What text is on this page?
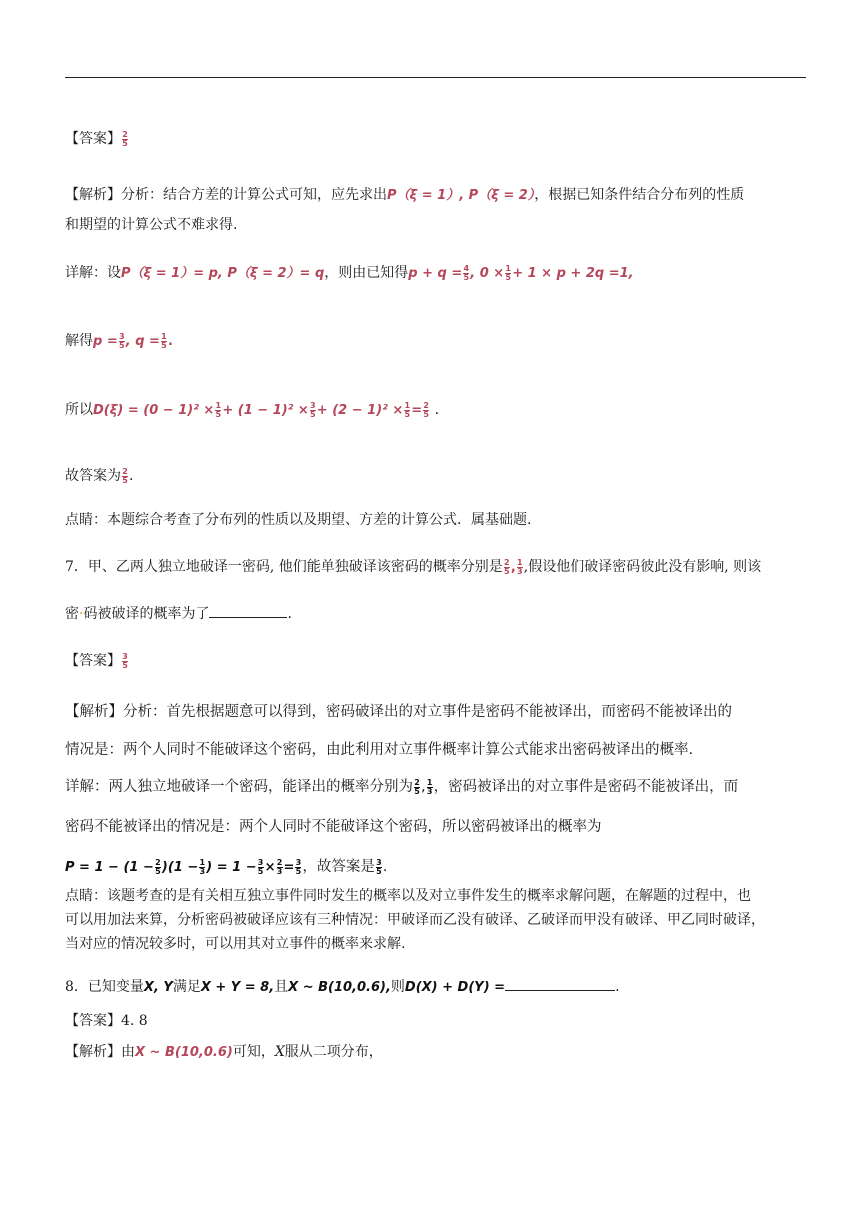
【答案】 $\frac{2}{5}$
【解析】分析：结合方差的计算公式可知，应先求出P（ξ = 1）, P（ξ = 2），根据已知条件结合分布列的性质
和期望的计算公式不难求得.
详解：设P（ξ = 1）= p, P（ξ = 2）= q，则由已知得$p + q = \frac{4}{5}$ , $0 \times \frac{1}{5} + 1 \times p + 2q =1$,
解得$p = \frac{3}{5}$ , $q = \frac{1}{5}$ .
所以$D(\xi) = (0 - 1)^2 \times \frac{1}{5} + (1 - 1)^2 \times \frac{3}{5} + (2 - 1)^2 \times \frac{1}{5} = \frac{2}{5}$ .
故答案为 $\frac{2}{5}$ .
点睛：本题综合考查了分布列的性质以及期望、方差的计算公式．属基础题.
7．甲、乙两人独立地破译一密码, 他们能单独破译该密码的概率分别是 $\frac{2}{5}$ , $\frac{1}{3}$ ,假设他们破译密码彼此没有影响, 则该
密·码被破译的概率为了	.
【答案】 $\frac{3}{5}$
【解析】分析：首先根据题意可以得到，密码破译出的对立事件是密码不能被译出，而密码不能被译出的
情况是：两个人同时不能破译这个密码，由此利用对立事件概率计算公式能求出密码被译出的概率.
详解：两人独立地破译一个密码，能译出的概率分别为 $\frac{2}{5}$ , $\frac{1}{3}$ ，密码被译出的对立事件是密码不能被译出，而
密码不能被译出的情况是：两个人同时不能破译这个密码，所以密码被译出的概率为
$P = 1 - (1 - \frac{2}{5} )(1 - \frac{1}{3}$ ) = $1 - \frac{3}{5} \times \frac{2}{3} = \frac{3}{5}$ ，故答案是 $\frac{3}{5}$ .
点睛：该题考查的是有关相互独立事件同时发生的概率以及对立事件发生的概率求解问题，在解题的过程中，也
可以用加法来算，分析密码被破译应该有三种情况：甲破译而乙没有破译、乙破译而甲没有破译、甲乙同时破译，
当对应的情况较多时，可以用其对立事件的概率来求解.
8．已知变量X, Y满足X + Y = 8,且X ~ B(10,0.6),则D(X) + D(Y) =	.
【答案】4. 8
【解析】由X ~ B(10,0.6)可知，X服从二项分布，
